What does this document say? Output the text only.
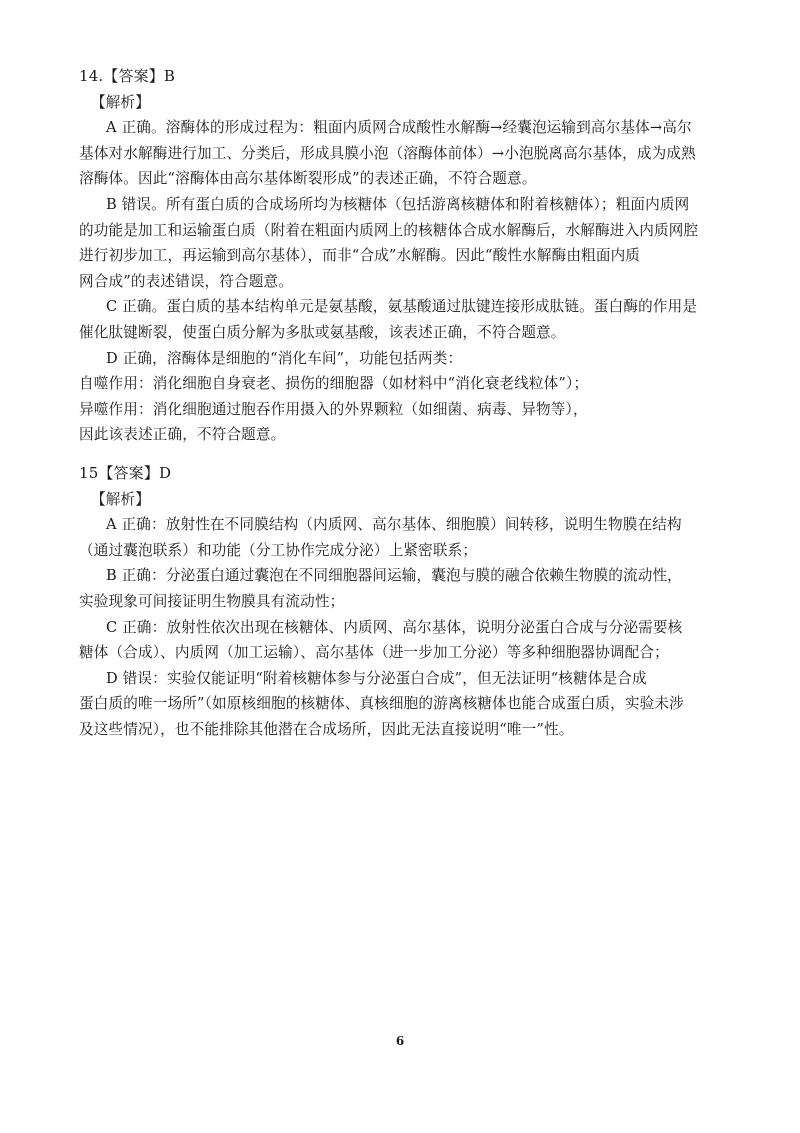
14.【答案】B
【解析】
A 正确。溶酶体的形成过程为：粗面内质网合成酸性水解酶→经囊泡运输到高尔基体→高尔
基体对水解酶进行加工、分类后，形成具膜小泡（溶酶体前体）→小泡脱离高尔基体，成为成熟
溶酶体。因此“溶酶体由高尔基体断裂形成”的表述正确，不符合题意。
B 错误。所有蛋白质的合成场所均为核糖体（包括游离核糖体和附着核糖体）；粗面内质网
的功能是加工和运输蛋白质（附着在粗面内质网上的核糖体合成水解酶后，水解酶进入内质网腔
进行初步加工，再运输到高尔基体），而非“合成”水解酶。因此“酸性水解酶由粗面内质
网合成”的表述错误，符合题意。
C 正确。蛋白质的基本结构单元是氨基酸，氨基酸通过肽键连接形成肽链。蛋白酶的作用是
催化肽键断裂，使蛋白质分解为多肽或氨基酸，该表述正确，不符合题意。
D 正确，溶酶体是细胞的“消化车间”，功能包括两类：
自噬作用：消化细胞自身衰老、损伤的细胞器（如材料中“消化衰老线粒体”）；
异噬作用：消化细胞通过胞吞作用摄入的外界颗粒（如细菌、病毒、异物等），
因此该表述正确，不符合题意。
15【答案】D
【解析】
A 正确：放射性在不同膜结构（内质网、高尔基体、细胞膜）间转移，说明生物膜在结构
（通过囊泡联系）和功能（分工协作完成分泌）上紧密联系；
B 正确：分泌蛋白通过囊泡在不同细胞器间运输，囊泡与膜的融合依赖生物膜的流动性，
实验现象可间接证明生物膜具有流动性；
C 正确：放射性依次出现在核糖体、内质网、高尔基体，说明分泌蛋白合成与分泌需要核
糖体（合成）、内质网（加工运输）、高尔基体（进一步加工分泌）等多种细胞器协调配合；
D 错误：实验仅能证明“附着核糖体参与分泌蛋白合成”，但无法证明“核糖体是合成
蛋白质的唯一场所”（如原核细胞的核糖体、真核细胞的游离核糖体也能合成蛋白质，实验未涉
及这些情况），也不能排除其他潜在合成场所，因此无法直接说明“唯一”性。
6
